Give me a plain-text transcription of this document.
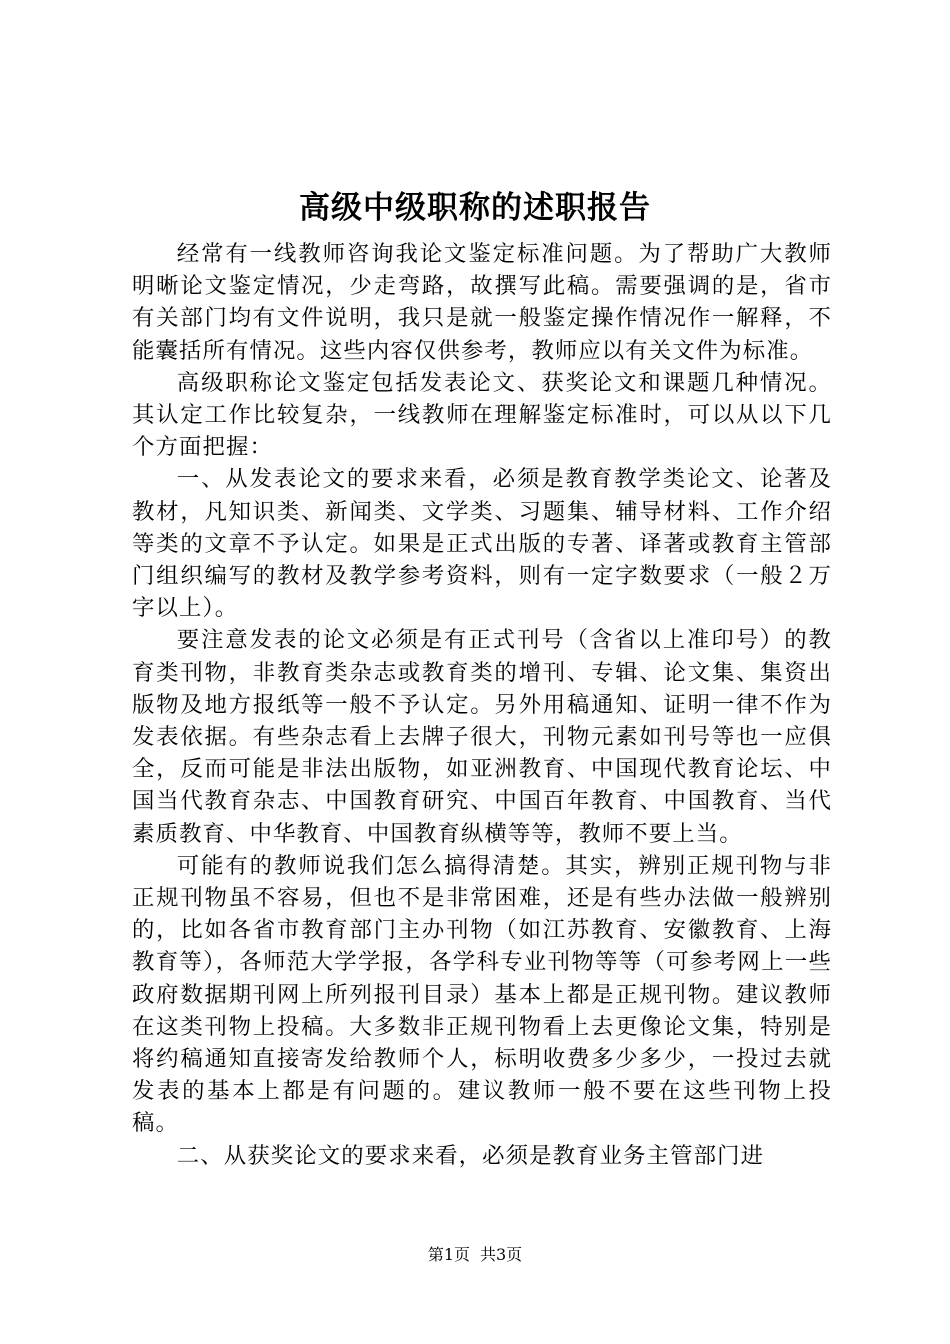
高级中级职称的述职报告

经常有一线教师咨询我论文鉴定标准问题。为了帮助广大教师明晰论文鉴定情况，少走弯路，故撰写此稿。需要强调的是，省市有关部门均有文件说明，我只是就一般鉴定操作情况作一解释，不能囊括所有情况。这些内容仅供参考，教师应以有关文件为标准。

高级职称论文鉴定包括发表论文、获奖论文和课题几种情况。其认定工作比较复杂，一线教师在理解鉴定标准时，可以从以下几个方面把握：

一、从发表论文的要求来看，必须是教育教学类论文、论著及教材，凡知识类、新闻类、文学类、习题集、辅导材料、工作介绍等类的文章不予认定。如果是正式出版的专著、译著或教育主管部门组织编写的教材及教学参考资料，则有一定字数要求（一般２万字以上）。

要注意发表的论文必须是有正式刊号（含省以上准印号）的教育类刊物，非教育类杂志或教育类的增刊、专辑、论文集、集资出版物及地方报纸等一般不予认定。另外用稿通知、证明一律不作为发表依据。有些杂志看上去牌子很大，刊物元素如刊号等也一应俱全，反而可能是非法出版物，如亚洲教育、中国现代教育论坛、中国当代教育杂志、中国教育研究、中国百年教育、中国教育、当代素质教育、中华教育、中国教育纵横等等，教师不要上当。

可能有的教师说我们怎么搞得清楚。其实，辨别正规刊物与非正规刊物虽不容易，但也不是非常困难，还是有些办法做一般辨别的，比如各省市教育部门主办刊物（如江苏教育、安徽教育、上海教育等），各师范大学学报，各学科专业刊物等等（可参考网上一些政府数据期刊网上所列报刊目录）基本上都是正规刊物。建议教师在这类刊物上投稿。大多数非正规刊物看上去更像论文集，特别是将约稿通知直接寄发给教师个人，标明收费多少多少，一投过去就发表的基本上都是有问题的。建议教师一般不要在这些刊物上投稿。

二、从获奖论文的要求来看，必须是教育业务主管部门进

第1页 共3页
